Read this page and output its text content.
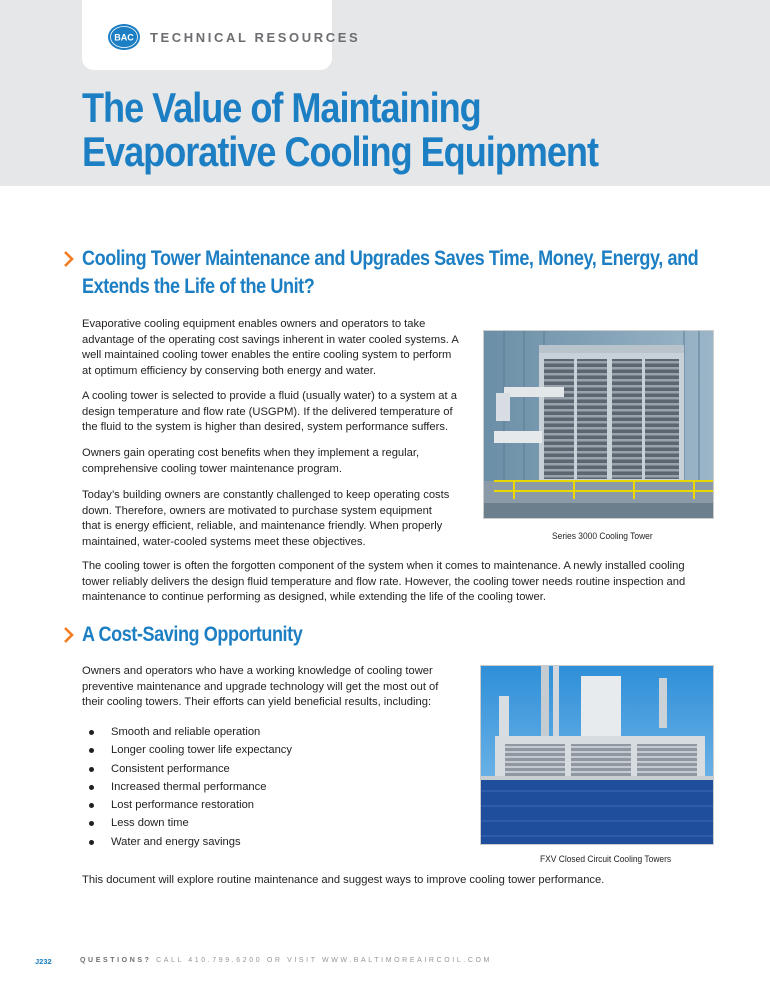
BAC TECHNICAL RESOURCES
The Value of Maintaining
Evaporative Cooling Equipment
Cooling Tower Maintenance and Upgrades Saves Time, Money, Energy, and
Extends the Life of the Unit?
Evaporative cooling equipment enables owners and operators to take
advantage of the operating cost savings inherent in water cooled systems. A
well maintained cooling tower enables the entire cooling system to perform
at optimum efficiency by conserving both energy and water.
A cooling tower is selected to provide a fluid (usually water) to a system at a
design temperature and flow rate (USGPM). If the delivered temperature of
the fluid to the system is higher than desired, system performance suffers.
Owners gain operating cost benefits when they implement a regular,
comprehensive cooling tower maintenance program.
Today’s building owners are constantly challenged to keep operating costs
down. Therefore, owners are motivated to purchase system equipment
that is energy efficient, reliable, and maintenance friendly. When properly
maintained, water-cooled systems meet these objectives.	Series 3000 Cooling Tower
The cooling tower is often the forgotten component of the system when it comes to maintenance. A newly installed cooling
tower reliably delivers the design fluid temperature and flow rate. However, the cooling tower needs routine inspection and
maintenance to continue performing as designed, while extending the life of the cooling tower.
A Cost-Saving Opportunity
Owners and operators who have a working knowledge of cooling tower
preventive maintenance and upgrade technology will get the most out of
their cooling towers. Their efforts can yield beneficial results, including:
Smooth and reliable operation
Longer cooling tower life expectancy
Consistent performance
Increased thermal performance
Lost performance restoration
Less down time
Water and energy savings
FXV Closed Circuit Cooling Towers
This document will explore routine maintenance and suggest ways to improve cooling tower performance.
J232	QUESTIONS? CALL 410.799.6200 OR VISIT WWW.BALTIMOREAIRCOIL.COM
